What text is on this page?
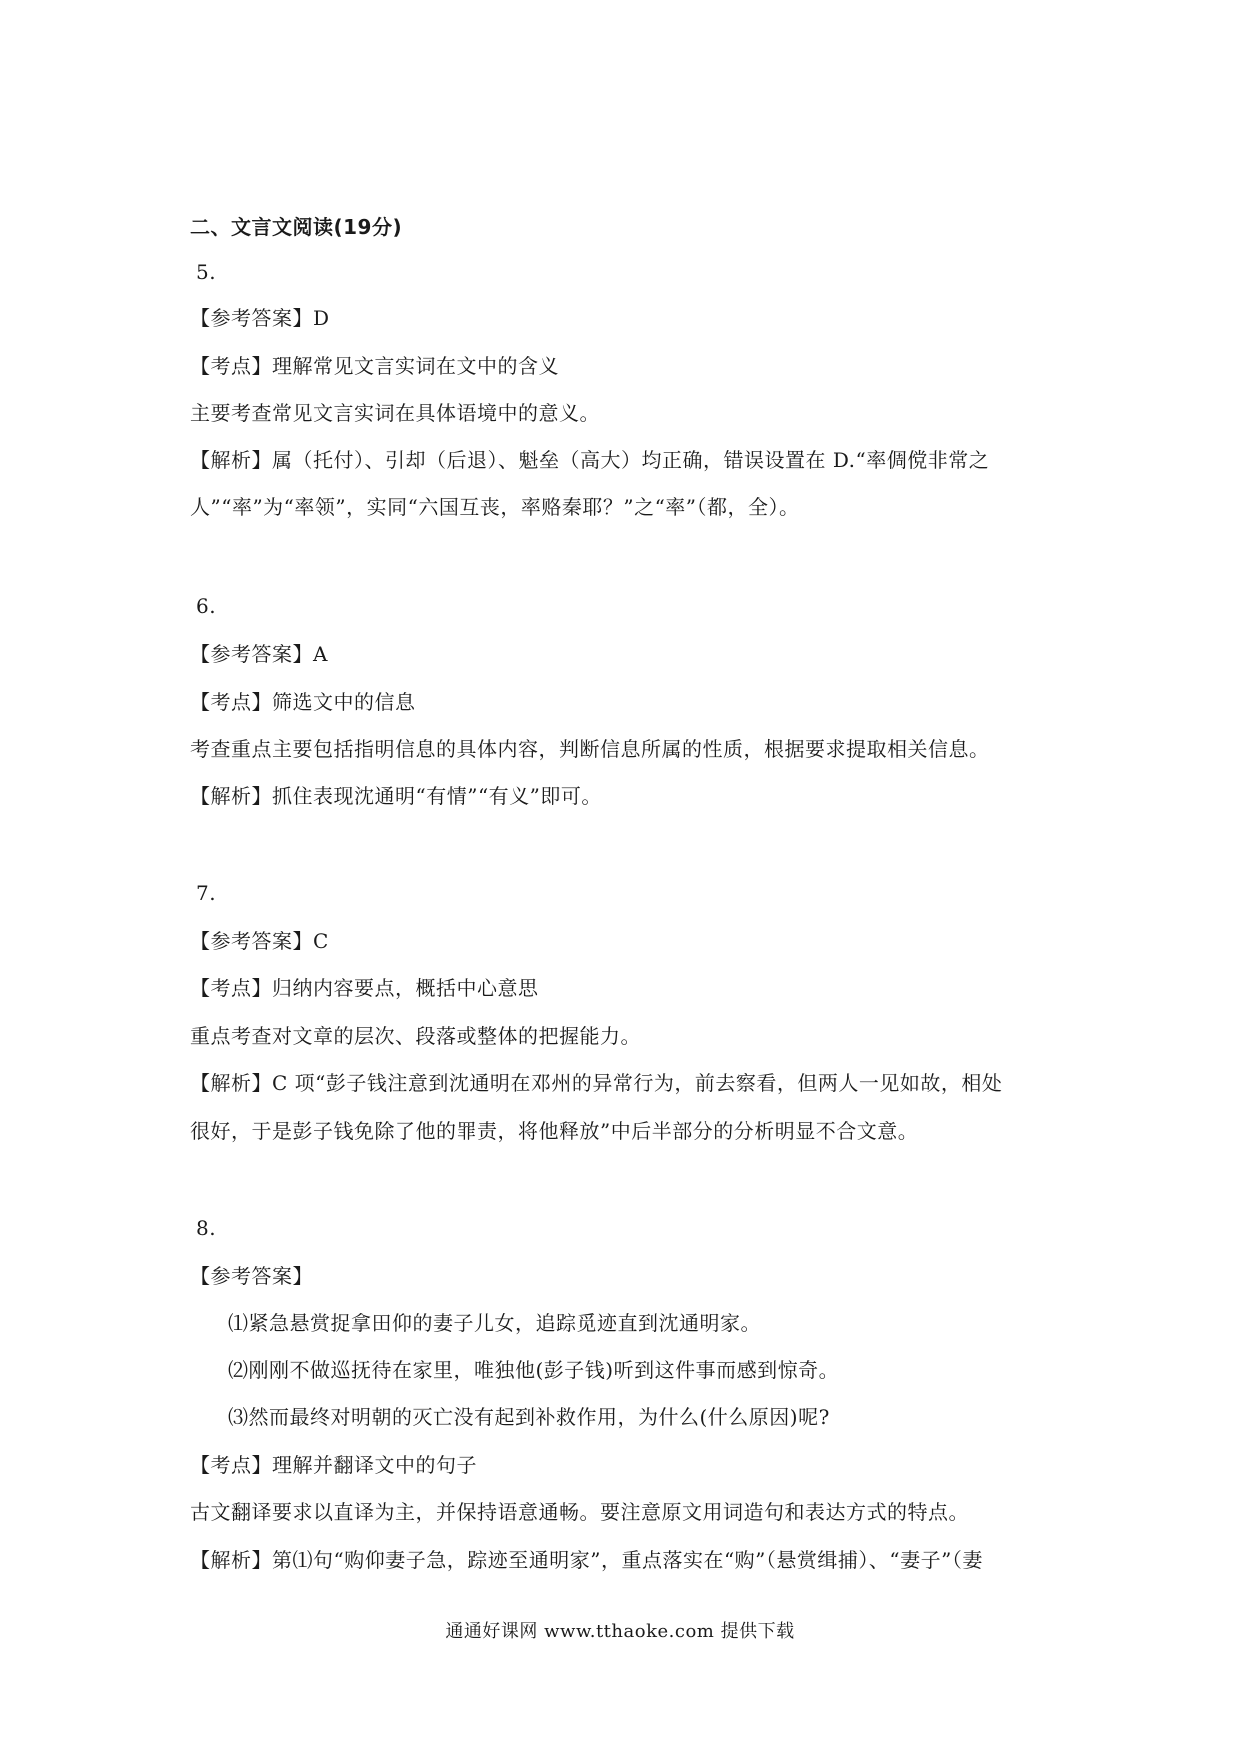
二、文言文阅读(19分)
5.
【参考答案】D
【考点】理解常见文言实词在文中的含义
主要考查常见文言实词在具体语境中的意义。
【解析】属（托付）、引却（后退）、魁垒（高大）均正确，错误设置在 D.“率倜傥非常之
人”“率”为“率领”，实同“六国互丧，率赂秦耶？”之“率”（都，全）。
6.
【参考答案】A
【考点】筛选文中的信息
考查重点主要包括指明信息的具体内容，判断信息所属的性质，根据要求提取相关信息。
【解析】抓住表现沈通明“有情”“有义”即可。
7.
【参考答案】C
【考点】归纳内容要点，概括中心意思
重点考查对文章的层次、段落或整体的把握能力。
【解析】C 项“彭子钱注意到沈通明在邓州的异常行为，前去察看，但两人一见如故，相处
很好，于是彭子钱免除了他的罪责，将他释放”中后半部分的分析明显不合文意。
8.
【参考答案】
⑴紧急悬赏捉拿田仰的妻子儿女，追踪觅迹直到沈通明家。
⑵刚刚不做巡抚待在家里，唯独他(彭子钱)听到这件事而感到惊奇。
⑶然而最终对明朝的灭亡没有起到补救作用，为什么(什么原因)呢?
【考点】理解并翻译文中的句子
古文翻译要求以直译为主，并保持语意通畅。要注意原文用词造句和表达方式的特点。
【解析】第⑴句“购仰妻子急，踪迹至通明家”，重点落实在“购”（悬赏缉捕）、“妻子”（妻
通通好课网 www.tthaoke.com 提供下载
